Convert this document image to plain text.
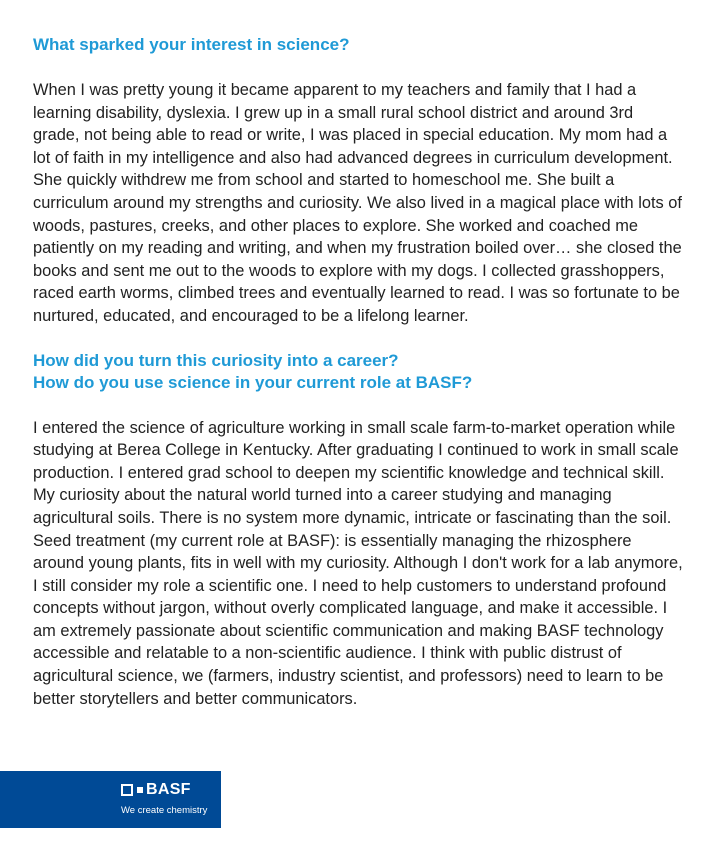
What sparked your interest in science?

When I was pretty young it became apparent to my teachers and family that I had a learning disability, dyslexia. I grew up in a small rural school district and around 3rd grade, not being able to read or write, I was placed in special education. My mom had a lot of faith in my intelligence and also had advanced degrees in curriculum development. She quickly withdrew me from school and started to homeschool me. She built a curriculum around my strengths and curiosity. We also lived in a magical place with lots of woods, pastures, creeks, and other places to explore. She worked and coached me patiently on my reading and writing, and when my frustration boiled over… she closed the books and sent me out to the woods to explore with my dogs. I collected grasshoppers, raced earth worms, climbed trees and eventually learned to read. I was so fortunate to be nurtured, educated, and encouraged to be a lifelong learner.

How did you turn this curiosity into a career?

How do you use science in your current role at BASF?

I entered the science of agriculture working in small scale farm-to-market operation while studying at Berea College in Kentucky. After graduating I continued to work in small scale production. I entered grad school to deepen my scientific knowledge and technical skill. My curiosity about the natural world turned into a career studying and managing agricultural soils. There is no system more dynamic, intricate or fascinating than the soil. Seed treatment (my current role at BASF): is essentially managing the rhizosphere around young plants, fits in well with my curiosity. Although I don't work for a lab anymore, I still consider my role a scientific one. I need to help customers to understand profound concepts without jargon, without overly complicated language, and make it accessible. I am extremely passionate about scientific communication and making BASF technology accessible and relatable to a non-scientific audience. I think with public distrust of agricultural science, we (farmers, industry scientist, and professors) need to learn to be better storytellers and better communicators.

BASF
We create chemistry
